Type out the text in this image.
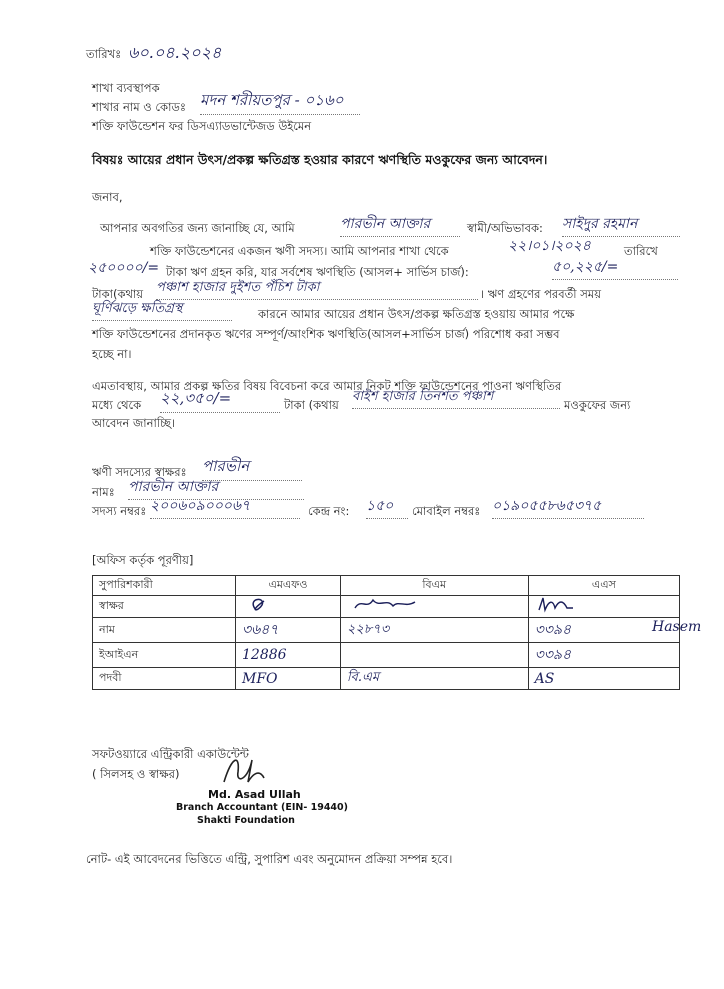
তারিখঃ ৬০.০৪.২০২৪
শাখা ব্যবস্থাপক
শাখার নাম ও কোডঃ মদন শরীয়তপুর - ০১৬০
শক্তি ফাউন্ডেশন ফর ডিসএ্যাডভান্টেজড উইমেন
বিষয়ঃ আয়ের প্রধান উৎস/প্রকল্প ক্ষতিগ্রস্ত হওয়ার কারণে ঋণস্থিতি মওকুফের জন্য আবেদন।
জনাব,
আপনার অবগতির জন্য জানাচ্ছি যে, আমি	পারভীন আক্তার	স্বামী/অভিভাবক: সাইদুর রহমান
শক্তি ফাউন্ডেশনের একজন ঋণী সদস্য। আমি আপনার শাখা থেকে	২২।০১।২০২৪	তারিখে
২৫০০০০/= টাকা ঋণ গ্রহন করি, যার সর্বশেষ ঋণস্থিতি (আসল+ সার্ভিস চার্জ):	৫০,২২৫/=
টাকা(কথায় পঞ্চাশ হাজার দুইশত পঁচিশ টাকা	। ঋণ গ্রহণের পরবর্তী সময়
ঘূর্ণিঝড়ে ক্ষতিগ্রস্থ	কারনে আমার আয়ের প্রধান উৎস/প্রকল্প ক্ষতিগ্রস্ত হওয়ায় আমার পক্ষে
শক্তি ফাউন্ডেশনের প্রদানকৃত ঋণের সম্পূর্ণ/আংশিক ঋণস্থিতি(আসল+সার্ভিস চার্জ) পরিশোধ করা সম্ভব
হচ্ছে না।
এমতাবস্থায়, আমার প্রকল্প ক্ষতির বিষয় বিবেচনা করে আমার নিকট শক্তি ফাউন্ডেশনের পাওনা ঋণস্থিতির
মধ্যে থেকে ২২,৩৫০/=	টাকা (কথায়
বাইশ হাজার তিনশত পঞ্চাশ
মওকুফের জন্য
আবেদন জানাচ্ছি।
ঋণী সদস্যের স্বাক্ষরঃ পারভীন
নামঃ পারভীন আক্তার
সদস্য নম্বরঃ ২০০৬০৯০০০৬৭	কেন্দ্র নং: ১৫০	মোবাইল নম্বরঃ ০১৯০৫৫৮৬৫৩৭৫
[অফিস কর্তৃক পূরণীয়]
সুপারিশকারী	এমএফও	বিএম	এএস
স্বাক্ষর			
নাম	৩৬৪৭	২২৮৭৩	৩৩৯৪
ইআইএন	12886		৩৩৯৪
পদবী	MFO	বি.এম	AS
Hasem
সফটওয়্যারে এন্ট্রিকারী একাউন্টেন্ট
( সিলসহ ও স্বাক্ষর)
Md. Asad Ullah
Branch Accountant (EIN- 19440)
Shakti Foundation
নোট- এই আবেদনের ভিত্তিতে এন্ট্রি, সুপারিশ এবং অনুমোদন প্রক্রিয়া সম্পন্ন হবে।
